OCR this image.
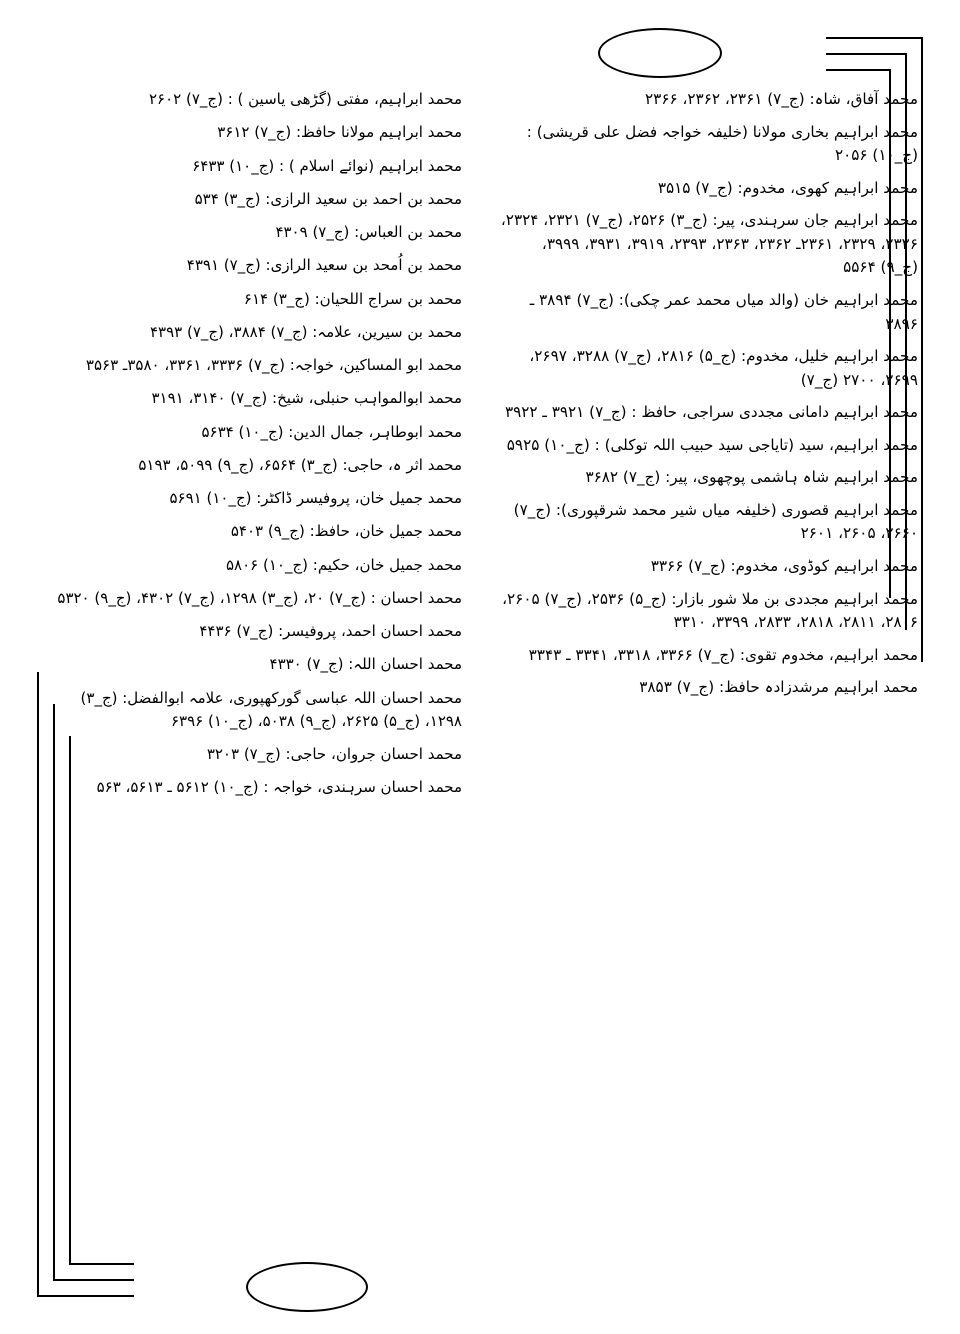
محمد آفاق، شاہ: (ج_۷) ۲۳۶۱، ۲۳۶۲، ۲۳۶۶
محمد ابراہیم بخاری مولانا (خلیفہ خواجہ فضل علی قریشی) : (ج_۱۰) ۲۰۵۶
محمد ابراہیم کھوی، مخدوم: (ج_۷) ۳۵۱۵
محمد ابراہیم جان سرہندی، پیر: (ج_۳) ۲۵۲۶، (ج_۷) ۲۳۲۱، ۲۳۲۴، ۲۳۲۶، ۲۳۲۹، ۲۳۶۱ـ ۲۳۶۲، ۲۳۶۳، ۲۳۹۳، ۳۹۱۹، ۳۹۳۱، ۳۹۹۹، (ج_۹) ۵۵۶۴
محمد ابراہیم خان (والد میاں محمد عمر چکی): (ج_۷) ۳۸۹۴ ـ ۳۸۹۶
محمد ابراہیم خلیل، مخدوم: (ج_۵) ۲۸۱۶، (ج_۷) ۳۲۸۸، ۲۶۹۷، ۲۶۹۹، ۲۷۰۰ (ج_۷)
محمد ابراہیم دامانی مجددی سراجی، حافظ : (ج_۷) ۳۹۲۱ ـ ۳۹۲۲
محمد ابراہیم، سید (تایاجی سید حبیب اللہ توکلی) : (ج_۱۰) ۵۹۲۵
محمد ابراہیم شاہ ہاشمی پوچھوی، پیر: (ج_۷) ۳۶۸۲
محمد ابراہیم قصوری (خلیفہ میاں شیر محمد شرقپوری): (ج_۷) ۲۶۶۰، ۲۶۰۵، ۲۶۰۱
محمد ابراہیم کوڈوی، مخدوم: (ج_۷) ۳۳۶۶
محمد ابراہیم مجددی بن ملا شور بازار: (ج_۵) ۲۵۳۶، (ج_۷) ۲۶۰۵، ۲۸۰۶، ۲۸۱۱، ۲۸۱۸، ۲۸۳۳، ۳۳۹۹، ۳۳۱۰
محمد ابراہیم، مخدوم تقوی: (ج_۷) ۳۳۶۶، ۳۳۱۸، ۳۳۴۱ ـ ۳۳۴۳
محمد ابراہیم مرشدزادہ حافظ: (ج_۷) ۳۸۵۳
محمد ابراہیم، مفتی (گڑھی یاسین ) : (ج_۷) ۲۶۰۲
محمد ابراہیم مولانا حافظ: (ج_۷) ۳۶۱۲
محمد ابراہیم (نوائے اسلام ) : (ج_۱۰) ۶۴۳۳
محمد بن احمد بن سعید الرازی: (ج_۳) ۵۳۴
محمد بن العباس: (ج_۷) ۴۳۰۹
محمد بن اُمحد بن سعید الرازی: (ج_۷) ۴۳۹۱
محمد بن سراج اللحیان: (ج_۳) ۶۱۴
محمد بن سیرین، علامہ: (ج_۷) ۳۸۸۴، (ج_۷) ۴۳۹۳
محمد ابو المساکین، خواجہ: (ج_۷) ۳۳۳۶، ۳۳۶۱، ۳۵۸۰ـ ۳۵۶۳
محمد ابوالمواہب حنبلی، شیخ: (ج_۷) ۳۱۴۰، ۳۱۹۱
محمد ابوطاہر، جمال الدین: (ج_۱۰) ۵۶۳۴
محمد اثر ہ، حاجی: (ج_۳) ۶۵۶۴، (ج_۹) ۵۰۹۹، ۵۱۹۳
محمد جمیل خان، پروفیسر ڈاکٹر: (ج_۱۰) ۵۶۹۱
محمد جمیل خان، حافظ: (ج_۹) ۵۴۰۳
محمد جمیل خان، حکیم: (ج_۱۰) ۵۸۰۶
محمد احسان : (ج_۷) ۲۰، (ج_۳) ۱۲۹۸، (ج_۷) ۴۳۰۲، (ج_۹) ۵۳۲۰
محمد احسان احمد، پروفیسر: (ج_۷) ۴۴۳۶
محمد احسان اللہ: (ج_۷) ۴۳۳۰
محمد احسان اللہ عباسی گورکھپوری، علامہ ابوالفضل: (ج_۳) ۱۲۹۸، (ج_۵) ۲۶۲۵، (ج_۹) ۵۰۳۸، (ج_۱۰) ۶۳۹۶
محمد احسان جروان، حاجی: (ج_۷) ۳۲۰۳
محمد احسان سرہندی، خواجہ : (ج_۱۰) ۵۶۱۲ ـ ۵۶۱۳، ۵۶۳
